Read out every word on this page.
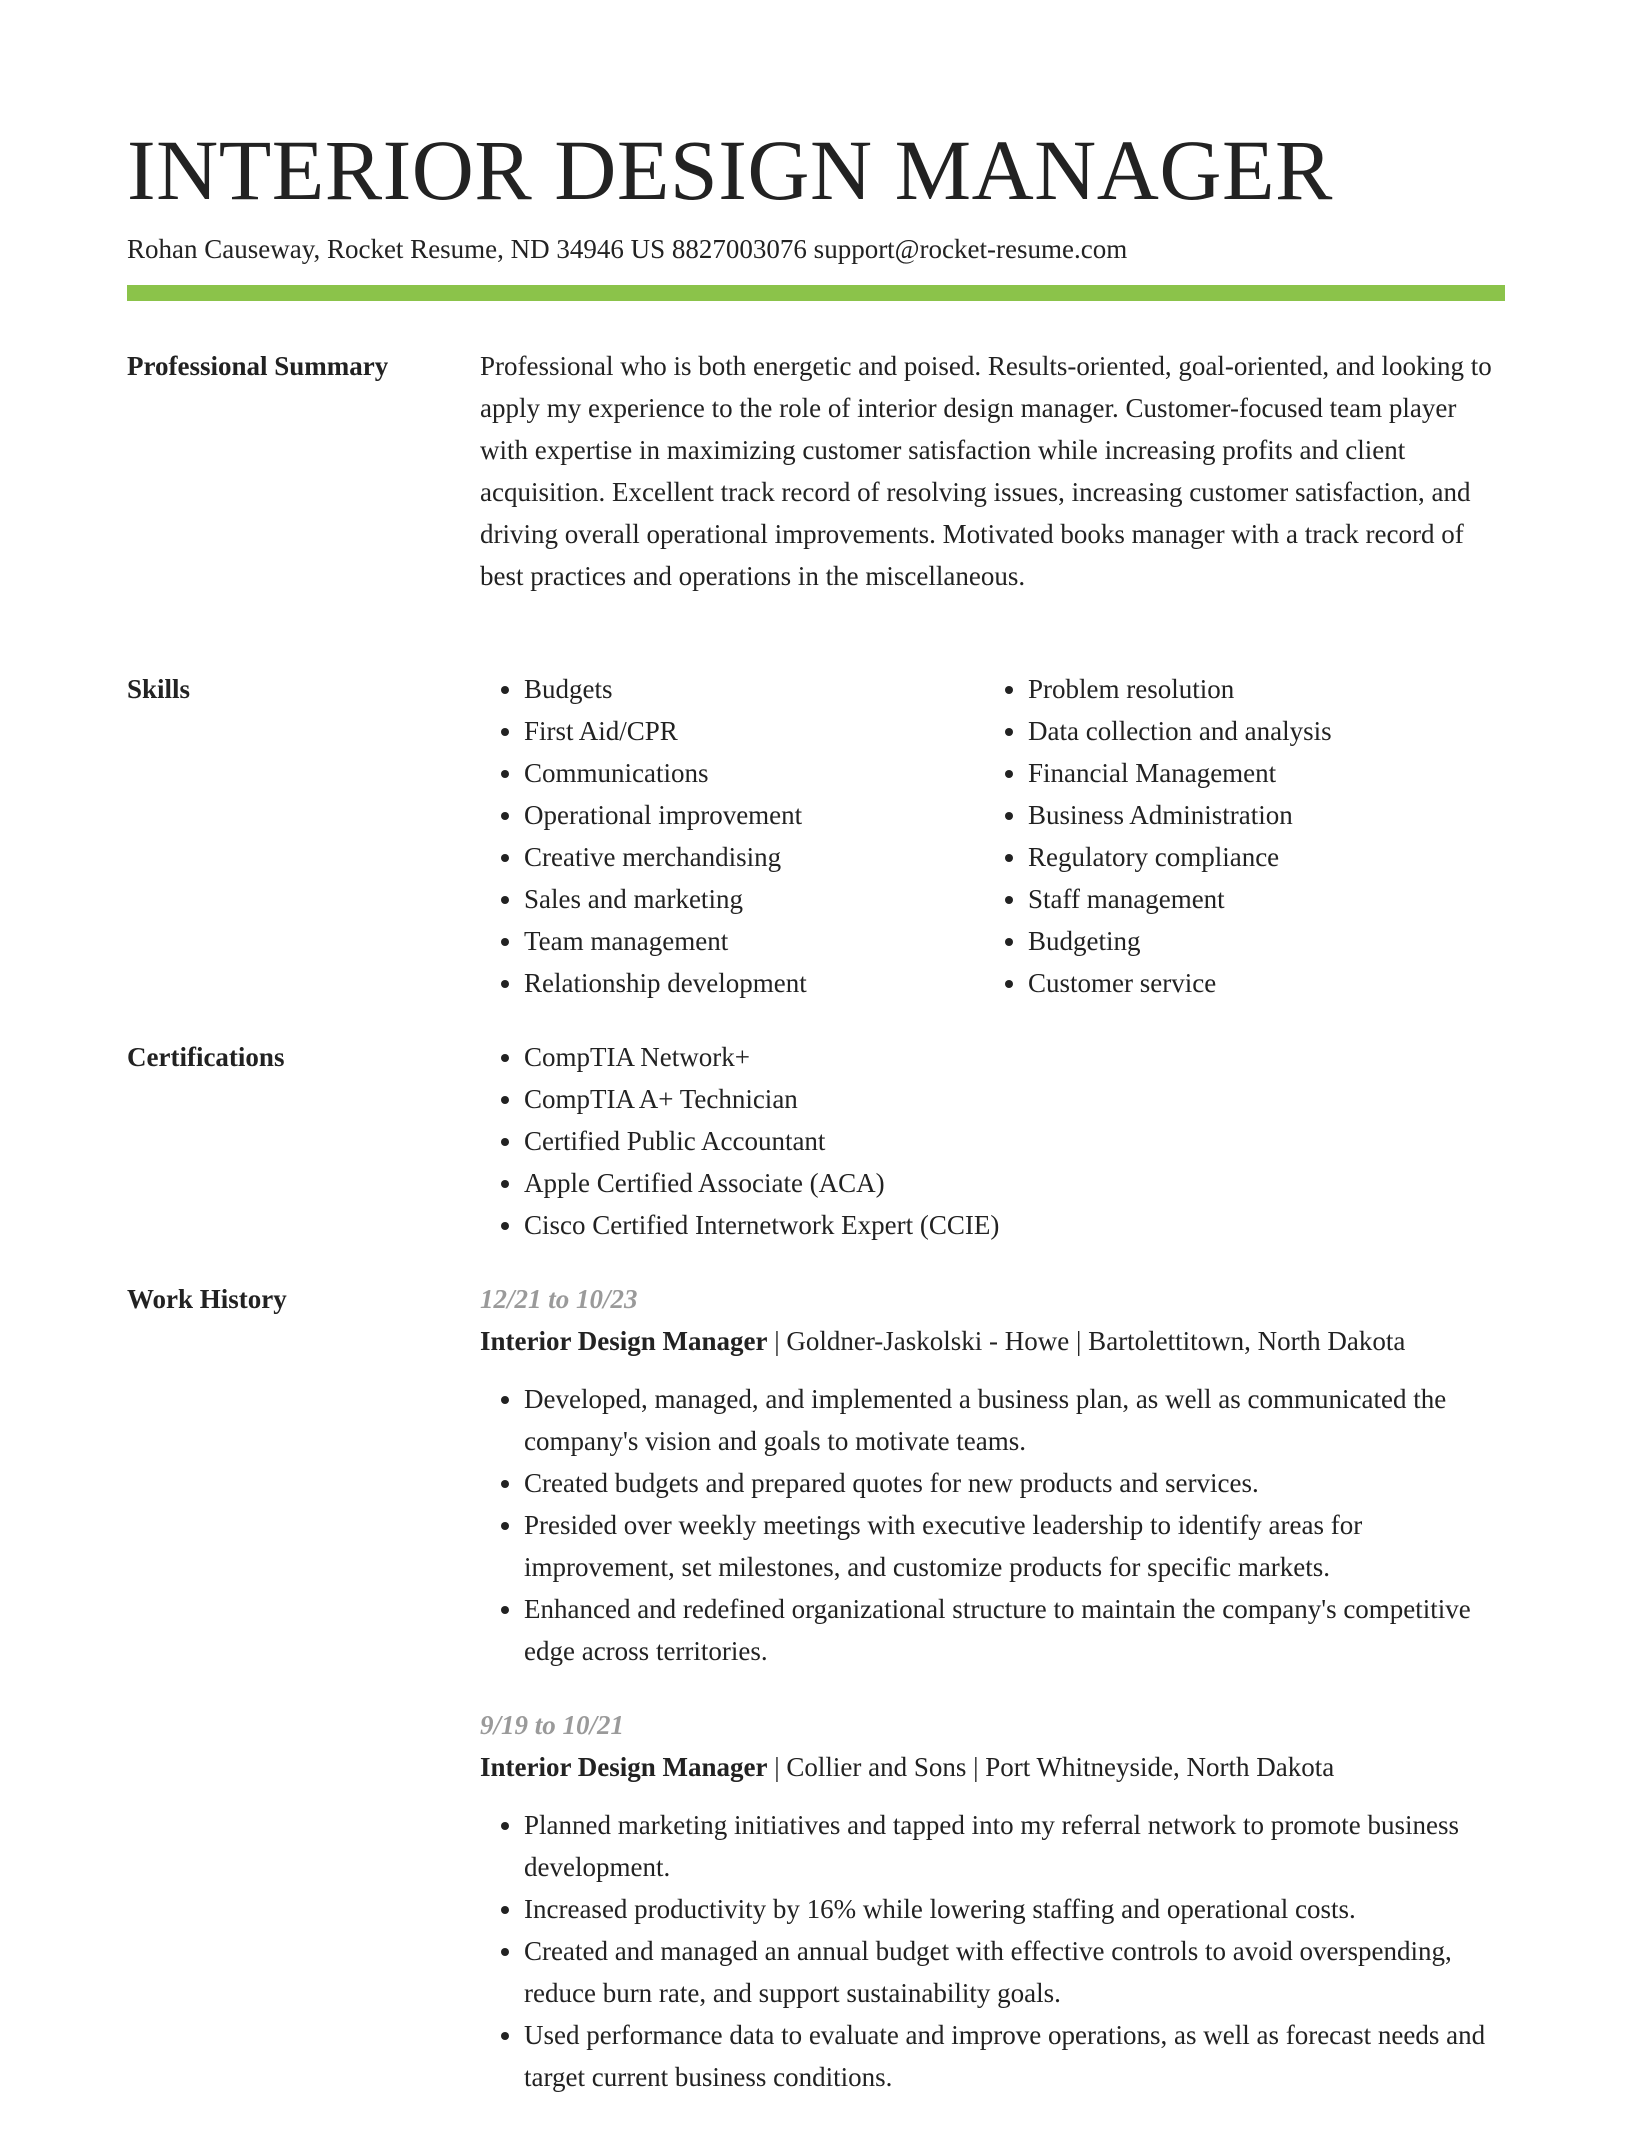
INTERIOR DESIGN MANAGER
Rohan Causeway, Rocket Resume, ND 34946 US 8827003076 support@rocket-resume.com
Professional Summary	Professional who is both energetic and poised. Results-oriented, goal-oriented, and looking to apply my experience to the role of interior design manager. Customer-focused team player with expertise in maximizing customer satisfaction while increasing profits and client acquisition. Excellent track record of resolving issues, increasing customer satisfaction, and driving overall operational improvements. Motivated books manager with a track record of best practices and operations in the miscellaneous.

Skills	• Budgets
• First Aid/CPR
• Communications
• Operational improvement
• Creative merchandising
• Sales and marketing
• Team management
• Relationship development
• Problem resolution
• Data collection and analysis
• Financial Management
• Business Administration
• Regulatory compliance
• Staff management
• Budgeting
• Customer service
Certifications	• CompTIA Network+
• CompTIA A+ Technician
• Certified Public Accountant
• Apple Certified Associate (ACA)
• Cisco Certified Internetwork Expert (CCIE)
Work History	12/21 to 10/23
Interior Design Manager | Goldner-Jaskolski - Howe | Bartolettitown, North Dakota
• Developed, managed, and implemented a business plan, as well as communicated the company's vision and goals to motivate teams.
• Created budgets and prepared quotes for new products and services.
• Presided over weekly meetings with executive leadership to identify areas for improvement, set milestones, and customize products for specific markets.
• Enhanced and redefined organizational structure to maintain the company's competitive edge across territories.
9/19 to 10/21
Interior Design Manager | Collier and Sons | Port Whitneyside, North Dakota
• Planned marketing initiatives and tapped into my referral network to promote business development.
• Increased productivity by 16% while lowering staffing and operational costs.
• Created and managed an annual budget with effective controls to avoid overspending, reduce burn rate, and support sustainability goals.
• Used performance data to evaluate and improve operations, as well as forecast needs and target current business conditions.
